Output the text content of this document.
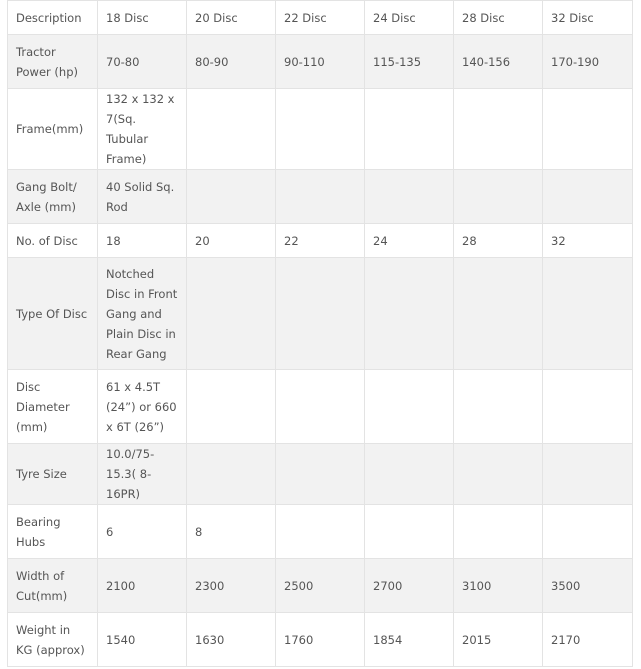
Description	18 Disc	20 Disc	22 Disc	24 Disc	28 Disc	32 Disc
Tractor Power (hp)	70-80	80-90	90-110	115-135	140-156	170-190
Frame(mm)	132 x 132 x 7(Sq. Tubular Frame)					
Gang Bolt/ Axle (mm)	40 Solid Sq. Rod					
No. of Disc	18	20	22	24	28	32
Type Of Disc	Notched Disc in Front Gang and Plain Disc in Rear Gang					
Disc Diameter (mm)	61 x 4.5T (24”) or 660 x 6T (26”)					
Tyre Size	10.0/75-15.3( 8-16PR)					
Bearing Hubs	6	8				
Width of Cut(mm)	2100	2300	2500	2700	3100	3500
Weight in KG (approx)	1540	1630	1760	1854	2015	2170
